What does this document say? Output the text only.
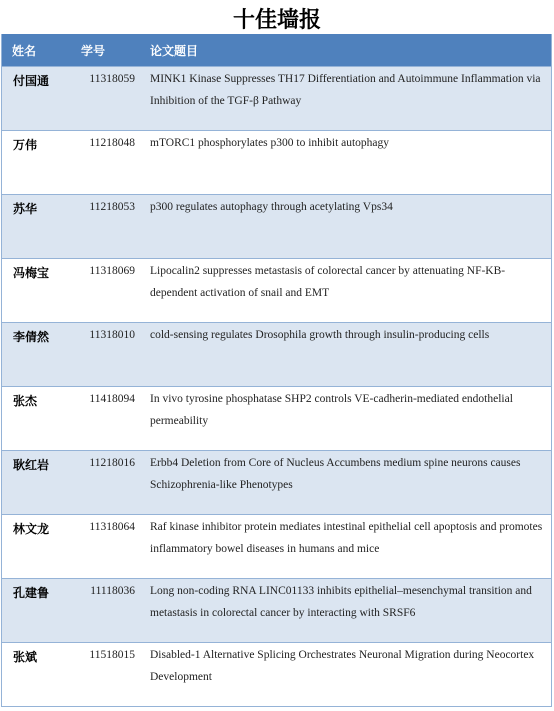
十佳墙报
姓名	学号	论文题目
付国通	11318059	MINK1 Kinase Suppresses TH17 Differentiation and Autoimmune Inflammation via Inhibition of the TGF-β Pathway
万伟	11218048	mTORC1 phosphorylates p300 to inhibit autophagy
苏华	11218053	p300 regulates autophagy through acetylating Vps34
冯梅宝	11318069	Lipocalin2 suppresses metastasis of colorectal cancer by attenuating NF-KB-dependent activation of snail and EMT
李倩然	11318010	cold-sensing regulates Drosophila growth through insulin-producing cells
张杰	11418094	In vivo tyrosine phosphatase SHP2 controls VE-cadherin-mediated endothelial permeability
耿红岩	11218016	Erbb4 Deletion from Core of Nucleus Accumbens medium spine neurons causes Schizophrenia-like Phenotypes
林文龙	11318064	Raf kinase inhibitor protein mediates intestinal epithelial cell apoptosis and promotes inflammatory bowel diseases in humans and mice
孔建鲁	11118036	Long non-coding RNA LINC01133 inhibits epithelial–mesenchymal transition and metastasis in colorectal cancer by interacting with SRSF6
张斌	11518015	Disabled-1 Alternative Splicing Orchestrates Neuronal Migration during Neocortex Development
